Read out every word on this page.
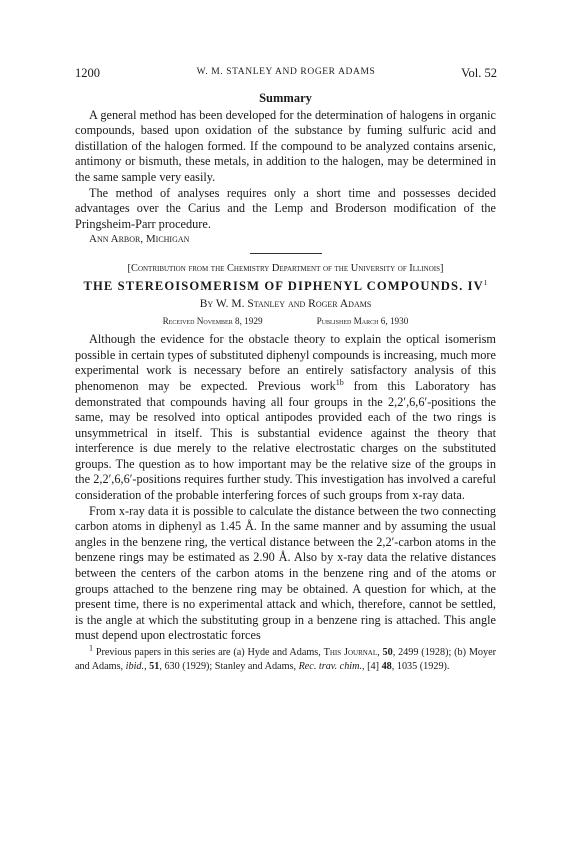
1200	W. M. STANLEY AND ROGER ADAMS	Vol. 52
Summary

A general method has been developed for the determination of halogens in organic compounds, based upon oxidation of the substance by fuming sulfuric acid and distillation of the halogen formed. If the compound to be analyzed contains arsenic, antimony or bismuth, these metals, in addition to the halogen, may be determined in the same sample very easily.

The method of analyses requires only a short time and possesses decided advantages over the Carius and the Lemp and Broderson modification of the Pringsheim-Parr procedure.

Ann Arbor, Michigan
[Contribution from the Chemistry Department of the University of Illinois]
THE STEREOISOMERISM OF DIPHENYL COMPOUNDS. $IV^1$
By W. M. Stanley and Roger Adams
Received November 8, 1929	Published March 6, 1930

Although the evidence for the obstacle theory to explain the optical isomerism possible in certain types of substituted diphenyl compounds is increasing, much more experimental work is necessary before an entirely satisfactory analysis of this phenomenon may be expected. Previous work$^{1b}$ from this Laboratory has demonstrated that compounds having all four groups in the 2,2′,6,6′-positions the same, may be resolved into optical antipodes provided each of the two rings is unsymmetrical in itself. This is substantial evidence against the theory that interference is due merely to the relative electrostatic charges on the substituted groups. The question as to how important may be the relative size of the groups in the 2,2′,6,6′-positions requires further study. This investigation has involved a careful consideration of the probable interfering forces of such groups from x-ray data.

From x-ray data it is possible to calculate the distance between the two connecting carbon atoms in diphenyl as 1.45 Å. In the same manner and by assuming the usual angles in the benzene ring, the vertical distance between the 2,2′-carbon atoms in the benzene rings may be estimated as 2.90 Å. Also by x-ray data the relative distances between the centers of the carbon atoms in the benzene ring and of the atoms or groups attached to the benzene ring may be obtained. A question for which, at the present time, there is no experimental attack and which, therefore, cannot be settled, is the angle at which the substituting group in a benzene ring is attached. This angle must depend upon electrostatic forces

$^1$ Previous papers in this series are (a) Hyde and Adams, This Journal, 50, 2499 (1928); (b) Moyer and Adams, ibid., 51, 630 (1929); Stanley and Adams, Rec. trav. chim., [4] 48, 1035 (1929).
